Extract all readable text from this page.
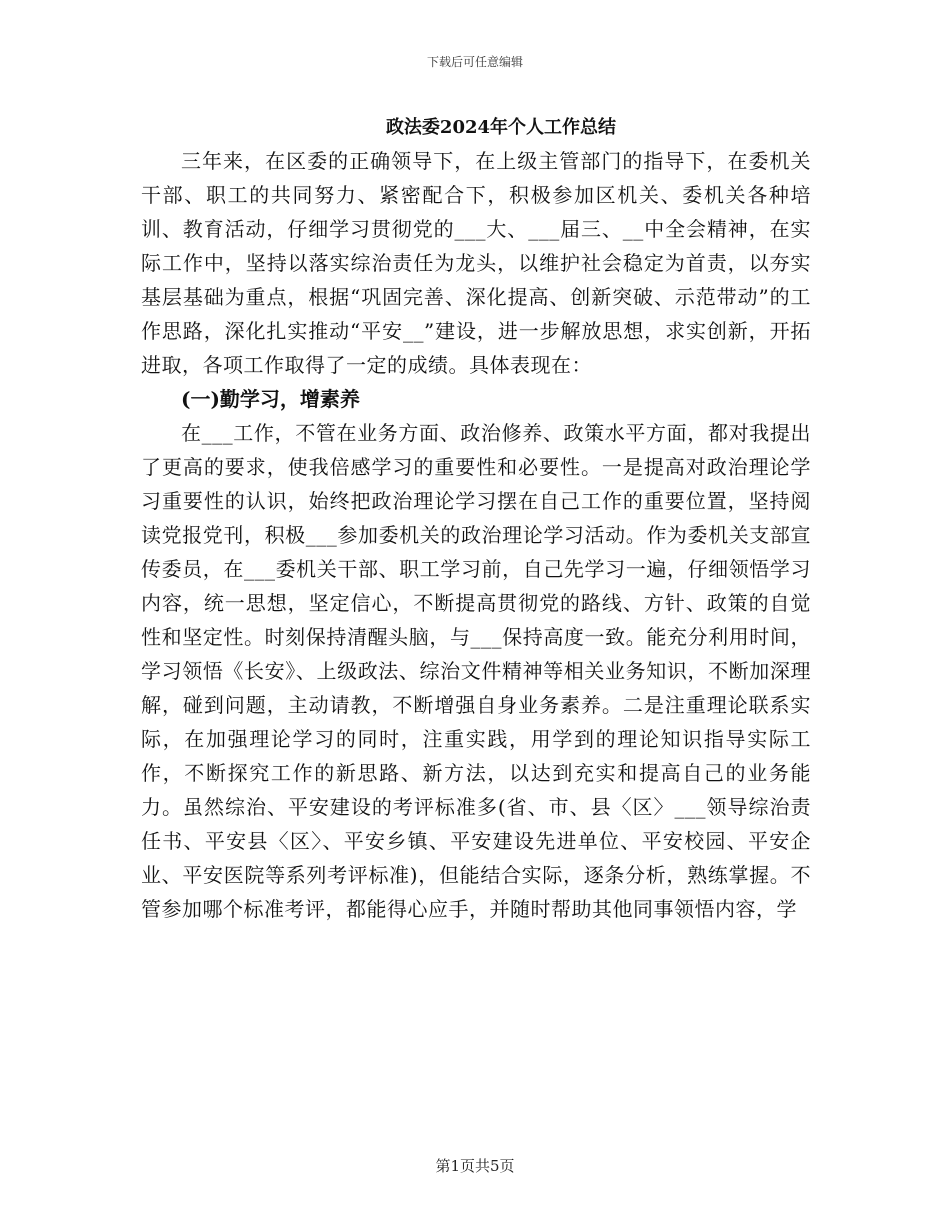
下载后可任意编辑
政法委2024年个人工作总结

三年来，在区委的正确领导下，在上级主管部门的指导下，在委机关干部、职工的共同努力、紧密配合下，积极参加区机关、委机关各种培训、教育活动，仔细学习贯彻党的___大、___届三、__中全会精神，在实际工作中，坚持以落实综治责任为龙头，以维护社会稳定为首责，以夯实基层基础为重点，根据“巩固完善、深化提高、创新突破、示范带动”的工作思路，深化扎实推动“平安__”建设，进一步解放思想，求实创新，开拓进取，各项工作取得了一定的成绩。具体表现在：

(一)勤学习，增素养

在___工作，不管在业务方面、政治修养、政策水平方面，都对我提出了更高的要求，使我倍感学习的重要性和必要性。一是提高对政治理论学习重要性的认识，始终把政治理论学习摆在自己工作的重要位置，坚持阅读党报党刊，积极___参加委机关的政治理论学习活动。作为委机关支部宣传委员，在___委机关干部、职工学习前，自己先学习一遍，仔细领悟学习内容，统一思想，坚定信心，不断提高贯彻党的路线、方针、政策的自觉性和坚定性。时刻保持清醒头脑，与___保持高度一致。能充分利用时间，学习领悟《长安》、上级政法、综治文件精神等相关业务知识，不断加深理解，碰到问题，主动请教，不断增强自身业务素养。二是注重理论联系实际，在加强理论学习的同时，注重实践，用学到的理论知识指导实际工作，不断探究工作的新思路、新方法，以达到充实和提高自己的业务能力。虽然综治、平安建设的考评标准多(省、市、县〈区〉___领导综治责任书、平安县〈区〉、平安乡镇、平安建设先进单位、平安校园、平安企业、平安医院等系列考评标准)，但能结合实际，逐条分析，熟练掌握。不管参加哪个标准考评，都能得心应手，并随时帮助其他同事领悟内容，学

第1页共5页
